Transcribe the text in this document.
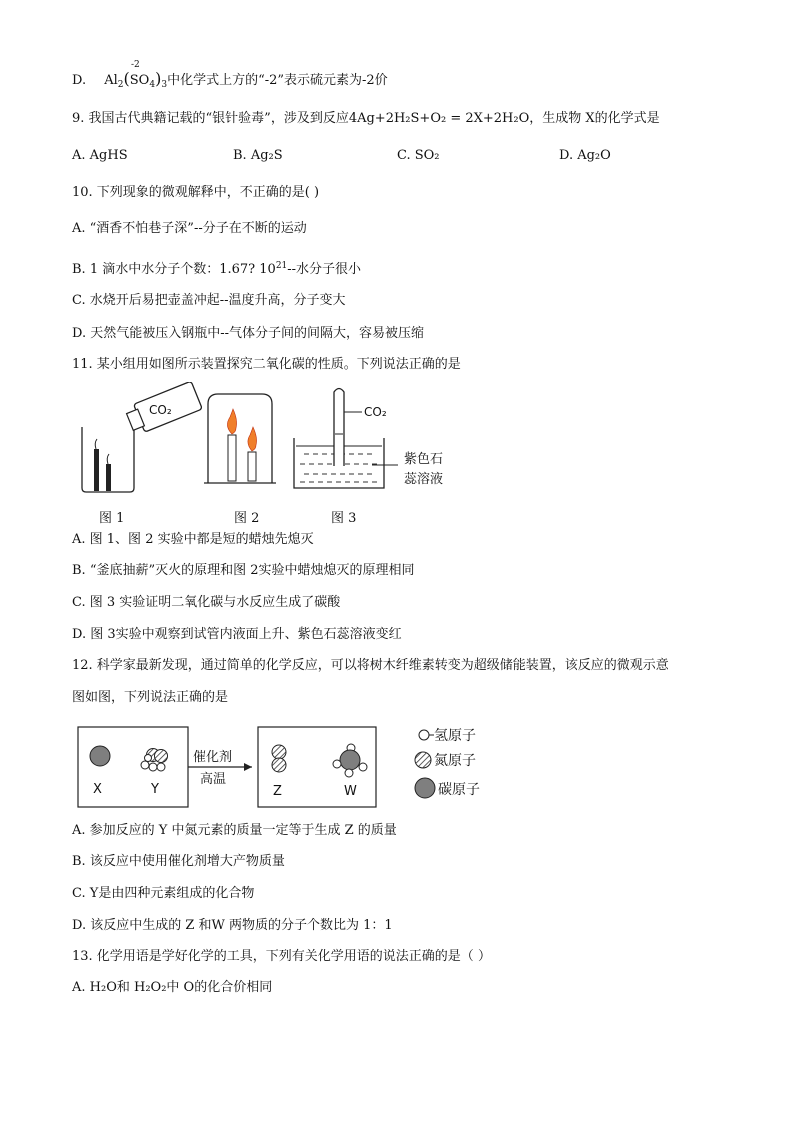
D. $Al_2(SO_4)_3$中化学式上方的“-2”表示硫元素为-2价
-2
9. 我国古代典籍记载的“银针验毒”，涉及到反应4Ag+2H₂S+O₂ = 2X+2H₂O，生成物 X的化学式是
A. AgHS	B. Ag₂S	C. SO₂	D. Ag₂O
10. 下列现象的微观解释中，不正确的是( )
A. “酒香不怕巷子深”--分子在不断的运动
B. 1 滴水中水分子个数：1.67? $10^{21}--$水分子很小
C. 水烧开后易把壶盖冲起--温度升高，分子变大
D. 天然气能被压入钢瓶中--气体分子间的间隔大，容易被压缩
11. 某小组用如图所示装置探究二氧化碳的性质。下列说法正确的是
CO₂	CO₂
紫色石
蕊溶液
图 1	图 2	图 3
A. 图 1、图 2 实验中都是短的蜡烛先熄灭
B. “釜底抽薪”灭火的原理和图 2实验中蜡烛熄灭的原理相同
C. 图 3 实验证明二氧化碳与水反应生成了碳酸
D. 图 3实验中观察到试管内液面上升、紫色石蕊溶液变红
12. 科学家最新发现，通过简单的化学反应，可以将树木纤维素转变为超级储能装置，该反应的微观示意
图如图，下列说法正确的是
X	Y
催化剂
高温
Z	W
氢原子
氮原子
碳原子
A. 参加反应的 Y 中氮元素的质量一定等于生成 Z 的质量
B. 该反应中使用催化剂增大产物质量
C. Y是由四种元素组成的化合物
D. 该反应中生成的 Z 和W 两物质的分子个数比为 1：1
13. 化学用语是学好化学的工具，下列有关化学用语的说法正确的是（ ）
A. H₂O和 H₂O₂中 O的化合价相同
